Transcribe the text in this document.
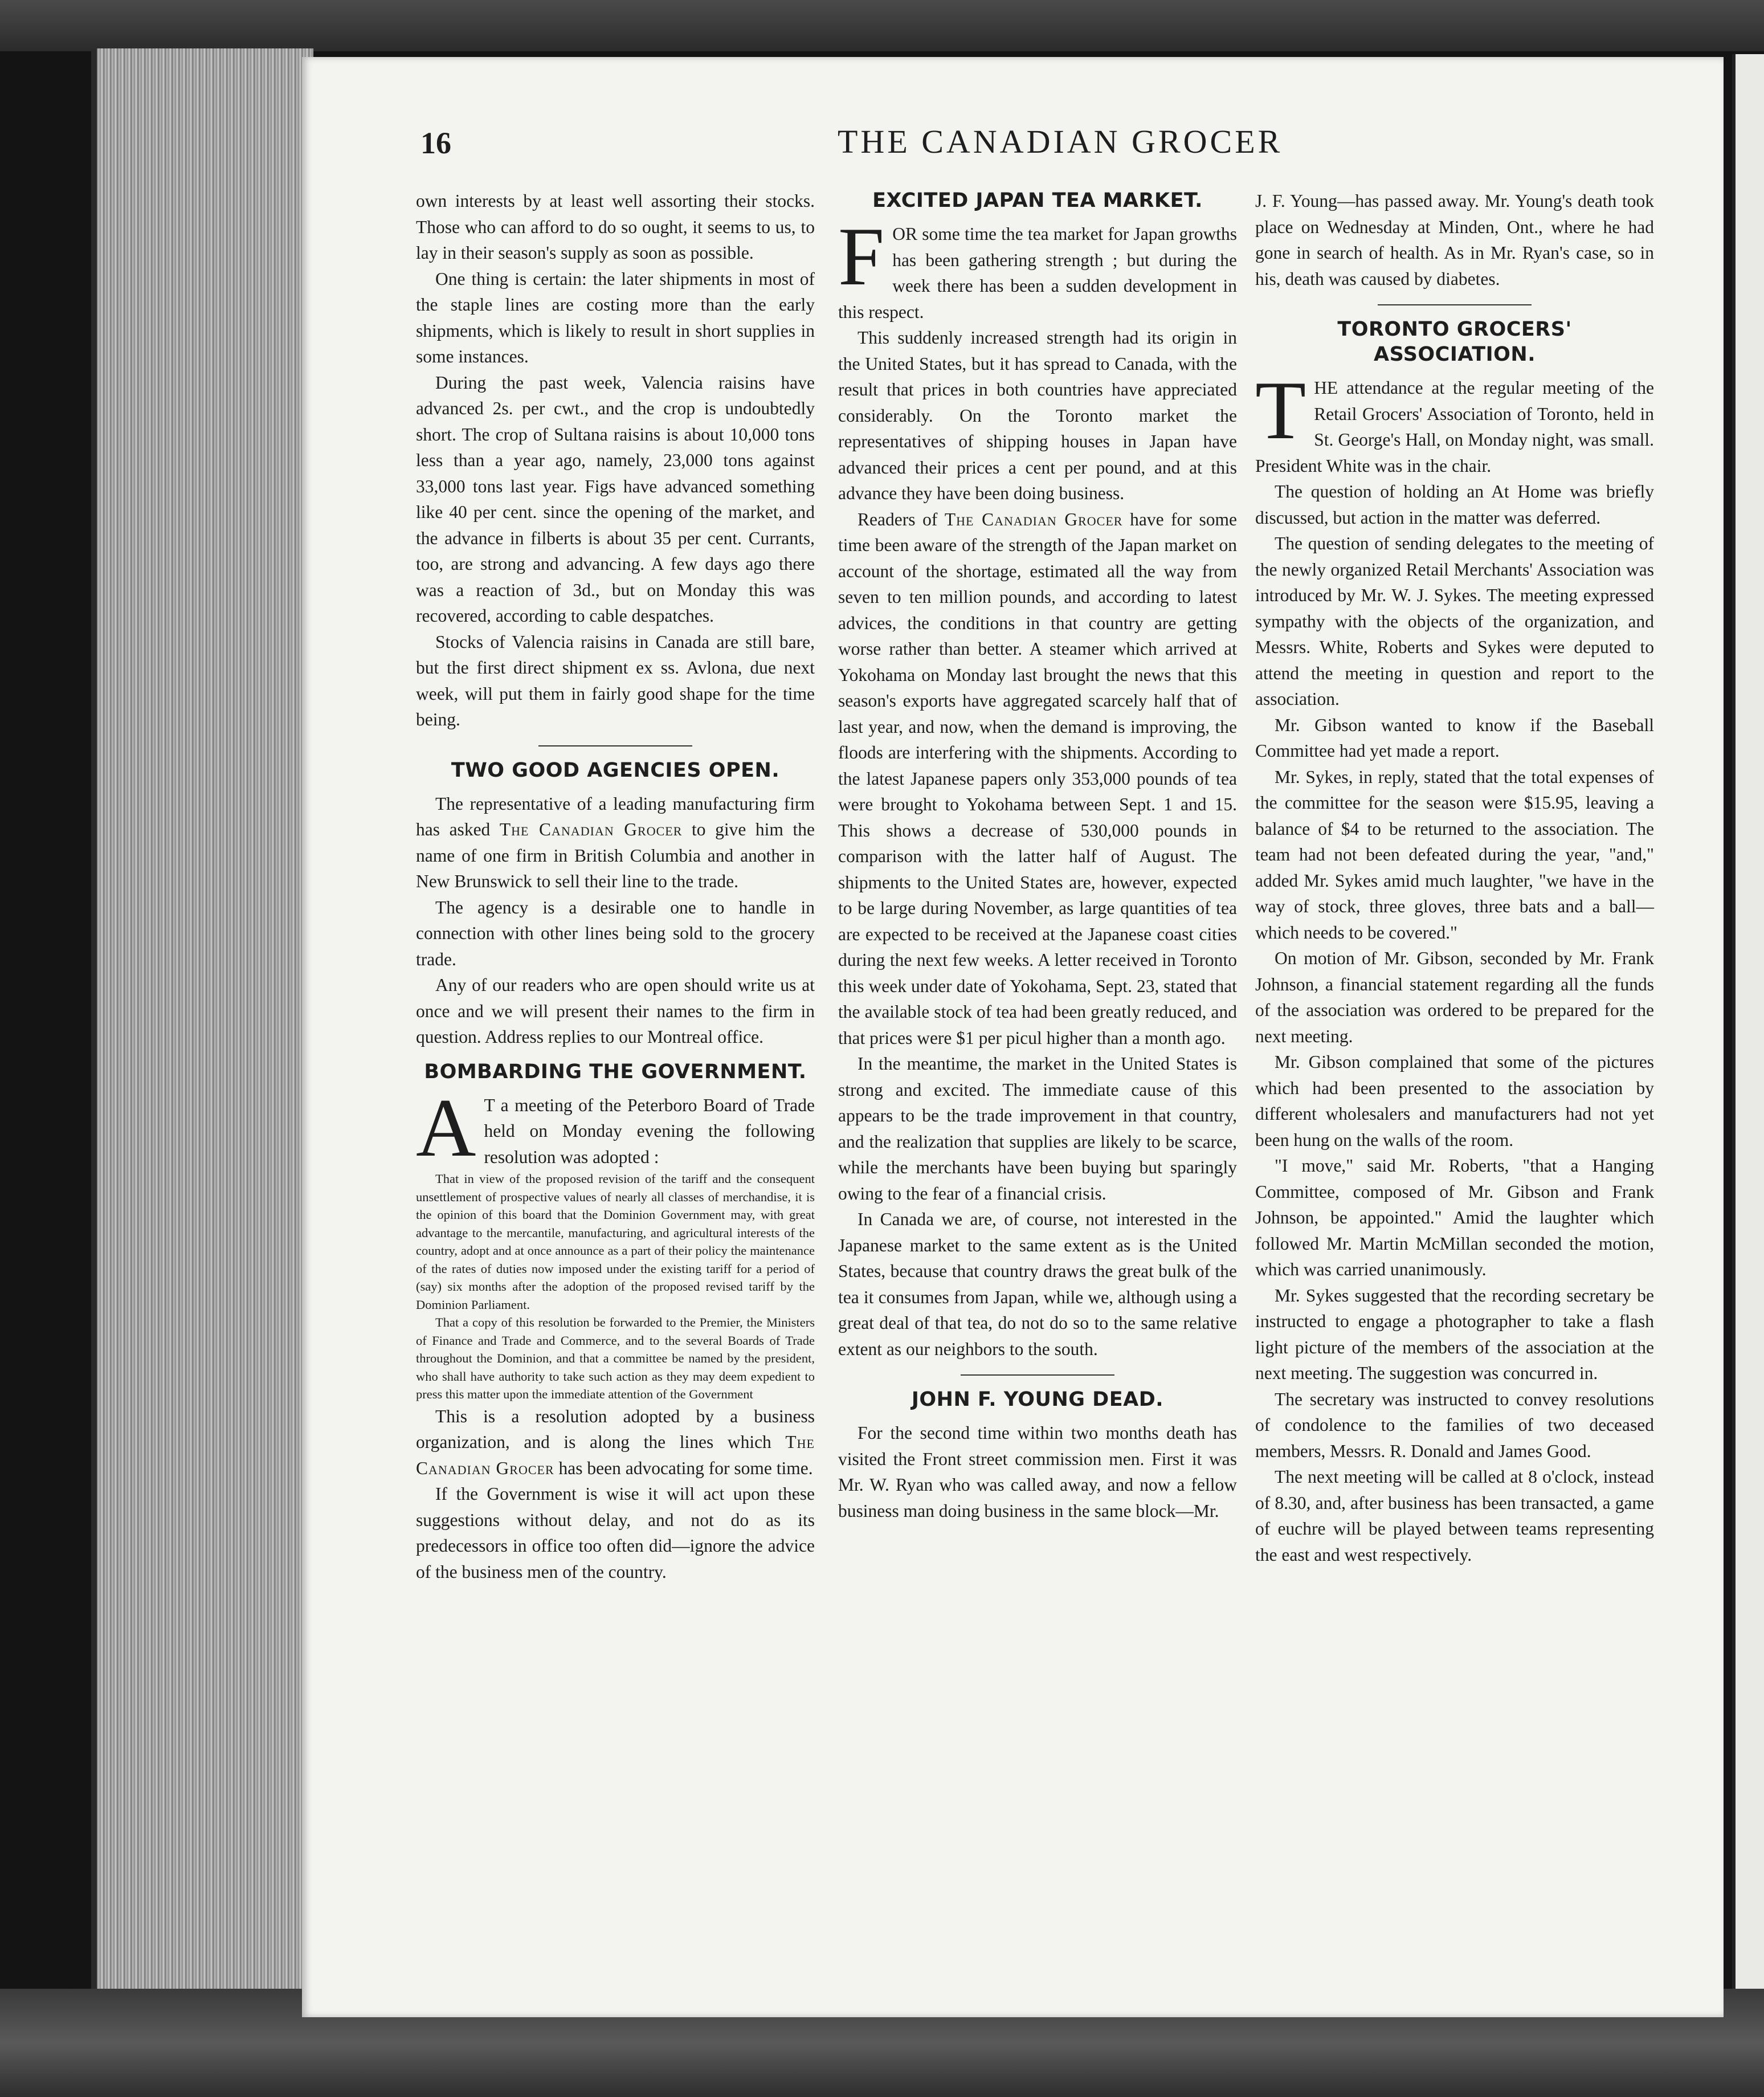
16	THE CANADIAN GROCER

own interests by at least well assorting their stocks. Those who can afford to do so ought, it seems to us, to lay in their season's supply as soon as possible.

One thing is certain: the later shipments in most of the staple lines are costing more than the early shipments, which is likely to result in short supplies in some instances.

During the past week, Valencia raisins have advanced 2s. per cwt., and the crop is undoubtedly short. The crop of Sultana raisins is about 10,000 tons less than a year ago, namely, 23,000 tons against 33,000 tons last year. Figs have advanced something like 40 per cent. since the opening of the market, and the advance in filberts is about 35 per cent. Currants, too, are strong and advancing. A few days ago there was a reaction of 3d., but on Monday this was recovered, according to cable despatches.

Stocks of Valencia raisins in Canada are still bare, but the first direct shipment ex ss. Avlona, due next week, will put them in fairly good shape for the time being.

TWO GOOD AGENCIES OPEN.

The representative of a leading manufacturing firm has asked The Canadian Grocer to give him the name of one firm in British Columbia and another in New Brunswick to sell their line to the trade.

The agency is a desirable one to handle in connection with other lines being sold to the grocery trade.

Any of our readers who are open should write us at once and we will present their names to the firm in question. Address replies to our Montreal office.

BOMBARDING THE GOVERNMENT.

A T a meeting of the Peterboro Board of Trade held on Monday evening the following resolution was adopted :

That in view of the proposed revision of the tariff and the consequent unsettlement of prospective values of nearly all classes of merchandise, it is the opinion of this board that the Dominion Government may, with great advantage to the mercantile, manufacturing, and agricultural interests of the country, adopt and at once announce as a part of their policy the maintenance of the rates of duties now imposed under the existing tariff for a period of (say) six months after the adoption of the proposed revised tariff by the Dominion Parliament.

That a copy of this resolution be forwarded to the Premier, the Ministers of Finance and Trade and Commerce, and to the several Boards of Trade throughout the Dominion, and that a committee be named by the president, who shall have authority to take such action as they may deem expedient to press this matter upon the immediate attention of the Government

This is a resolution adopted by a business organization, and is along the lines which The Canadian Grocer has been advocating for some time.

If the Government is wise it will act upon these suggestions without delay, and not do as its predecessors in office too often did—ignore the advice of the business men of the country.

EXCITED JAPAN TEA MARKET.

FOR some time the tea market for Japan growths has been gathering strength ; but during the week there has been a sudden development in this respect.

This suddenly increased strength had its origin in the United States, but it has spread to Canada, with the result that prices in both countries have appreciated considerably. On the Toronto market the representatives of shipping houses in Japan have advanced their prices a cent per pound, and at this advance they have been doing business.

Readers of The Canadian Grocer have for some time been aware of the strength of the Japan market on account of the shortage, estimated all the way from seven to ten million pounds, and according to latest advices, the conditions in that country are getting worse rather than better. A steamer which arrived at Yokohama on Monday last brought the news that this season's exports have aggregated scarcely half that of last year, and now, when the demand is improving, the floods are interfering with the shipments. According to the latest Japanese papers only 353,000 pounds of tea were brought to Yokohama between Sept. 1 and 15. This shows a decrease of 530,000 pounds in comparison with the latter half of August. The shipments to the United States are, however, expected to be large during November, as large quantities of tea are expected to be received at the Japanese coast cities during the next few weeks. A letter received in Toronto this week under date of Yokohama, Sept. 23, stated that the available stock of tea had been greatly reduced, and that prices were $1 per picul higher than a month ago.

In the meantime, the market in the United States is strong and excited. The immediate cause of this appears to be the trade improvement in that country, and the realization that supplies are likely to be scarce, while the merchants have been buying but sparingly owing to the fear of a financial crisis.

In Canada we are, of course, not interested in the Japanese market to the same extent as is the United States, because that country draws the great bulk of the tea it consumes from Japan, while we, although using a great deal of that tea, do not do so to the same relative extent as our neighbors to the south.

JOHN F. YOUNG DEAD.

For the second time within two months death has visited the Front street commission men. First it was Mr. W. Ryan who was called away, and now a fellow business man doing business in the same block—Mr.

J. F. Young—has passed away. Mr. Young's death took place on Wednesday at Minden, Ont., where he had gone in search of health. As in Mr. Ryan's case, so in his, death was caused by diabetes.

TORONTO GROCERS' ASSOCIATION.

THE attendance at the regular meeting of the Retail Grocers' Association of Toronto, held in St. George's Hall, on Monday night, was small. President White was in the chair.

The question of holding an At Home was briefly discussed, but action in the matter was deferred.

The question of sending delegates to the meeting of the newly organized Retail Merchants' Association was introduced by Mr. W. J. Sykes. The meeting expressed sympathy with the objects of the organization, and Messrs. White, Roberts and Sykes were deputed to attend the meeting in question and report to the association.

Mr. Gibson wanted to know if the Baseball Committee had yet made a report.

Mr. Sykes, in reply, stated that the total expenses of the committee for the season were $15.95, leaving a balance of $4 to be returned to the association. The team had not been defeated during the year, "and," added Mr. Sykes amid much laughter, "we have in the way of stock, three gloves, three bats and a ball—which needs to be covered."

On motion of Mr. Gibson, seconded by Mr. Frank Johnson, a financial statement regarding all the funds of the association was ordered to be prepared for the next meeting.

Mr. Gibson complained that some of the pictures which had been presented to the association by different wholesalers and manufacturers had not yet been hung on the walls of the room.

"I move," said Mr. Roberts, "that a Hanging Committee, composed of Mr. Gibson and Frank Johnson, be appointed." Amid the laughter which followed Mr. Martin McMillan seconded the motion, which was carried unanimously.

Mr. Sykes suggested that the recording secretary be instructed to engage a photographer to take a flash light picture of the members of the association at the next meeting. The suggestion was concurred in.

The secretary was instructed to convey resolutions of condolence to the families of two deceased members, Messrs. R. Donald and James Good.

The next meeting will be called at 8 o'clock, instead of 8.30, and, after business has been transacted, a game of euchre will be played between teams representing the east and west respectively.
